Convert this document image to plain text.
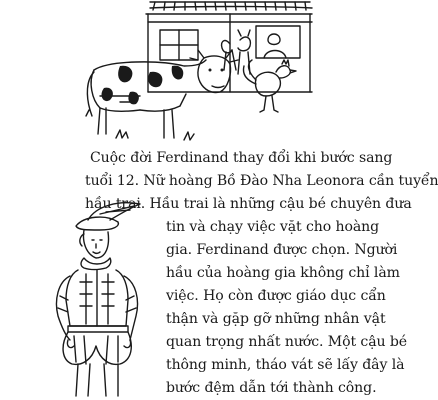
Cuộc đời Ferdinand thay đổi khi bước sang
tuổi 12. Nữ hoàng Bồ Đào Nha Leonora cần tuyển
hầu trai. Hầu trai là những cậu bé chuyên đưa
tin và chạy việc vặt cho hoàng
gia. Ferdinand được chọn. Người
hầu của hoàng gia không chỉ làm
việc. Họ còn được giáo dục cẩn
thận và gặp gỡ những nhân vật
quan trọng nhất nước. Một cậu bé
thông minh, tháo vát sẽ lấy đây là
bước đệm dẫn tới thành công.
